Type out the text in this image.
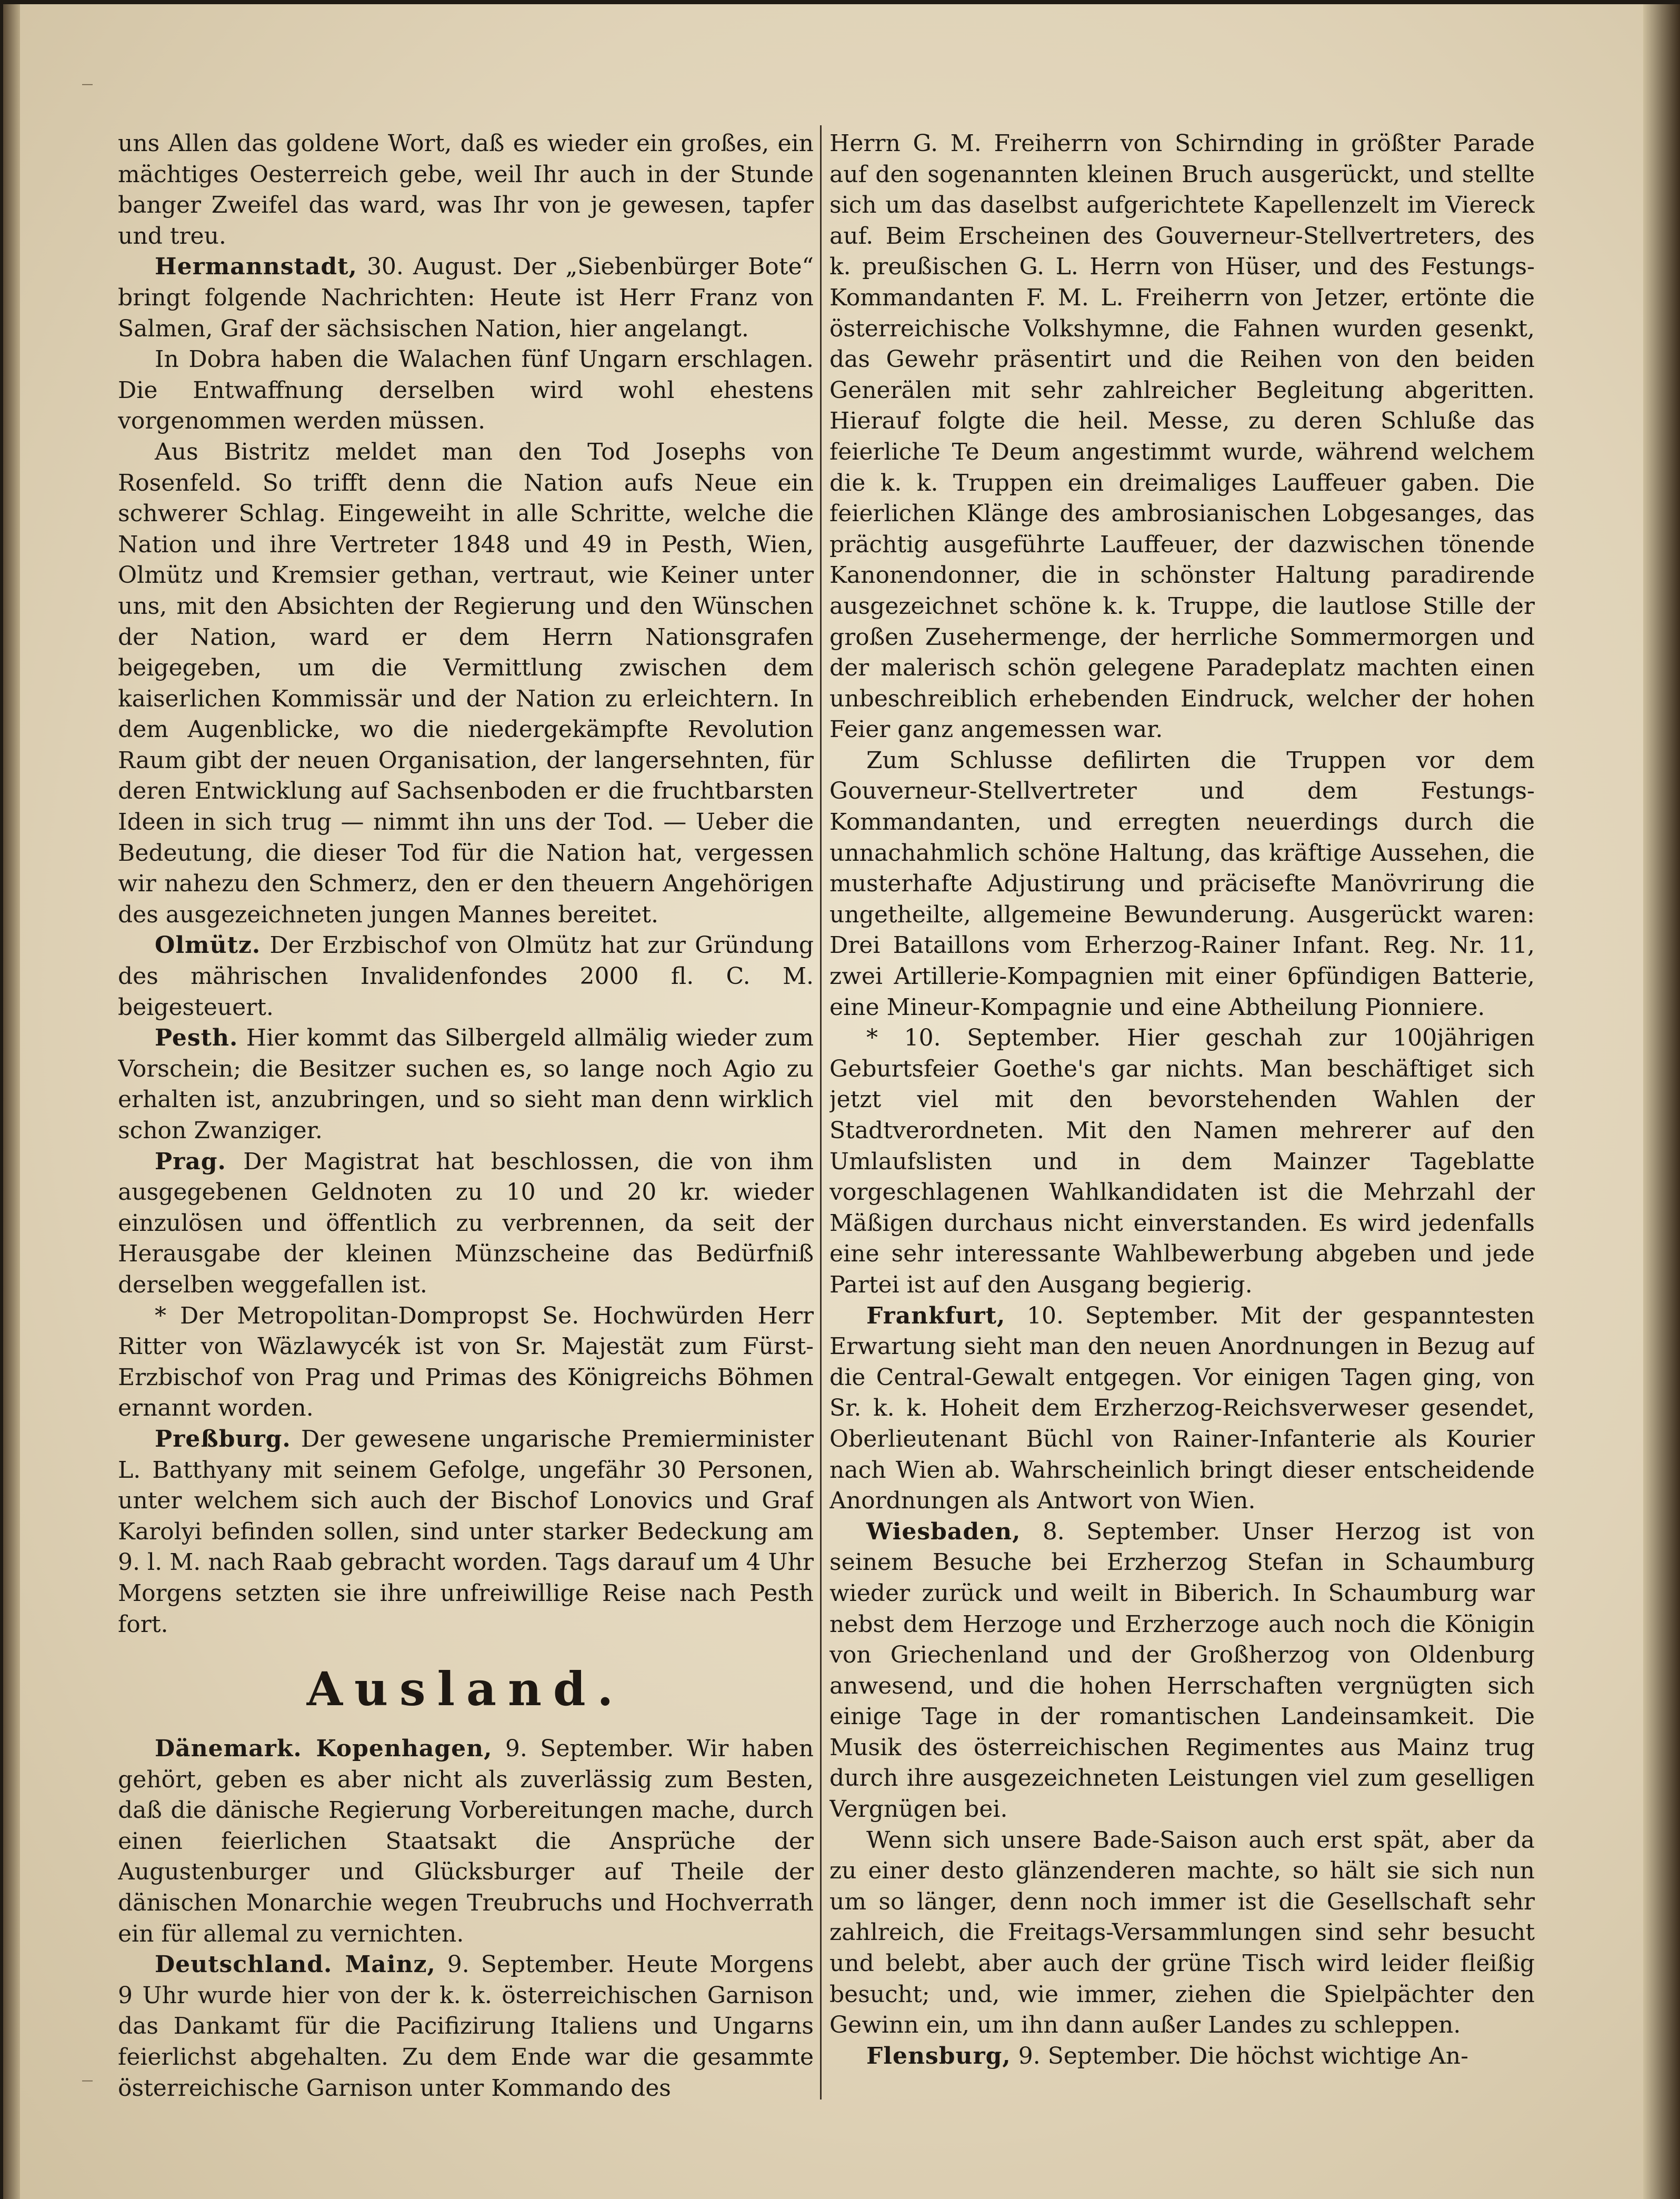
_
_

uns Allen das goldene Wort, daß es wieder ein großes, ein mächtiges Oesterreich gebe, weil Ihr auch in der Stunde banger Zweifel das ward, was Ihr von je gewesen, tapfer und treu.

Hermannstadt, 30. August. Der „Siebenbürger Bote“ bringt folgende Nachrichten: Heute ist Herr Franz von Salmen, Graf der sächsischen Nation, hier angelangt.

In Dobra haben die Walachen fünf Ungarn erschlagen. Die Entwaffnung derselben wird wohl ehestens vorgenommen werden müssen.

Aus Bistritz meldet man den Tod Josephs von Rosenfeld. So trifft denn die Nation aufs Neue ein schwerer Schlag. Eingeweiht in alle Schritte, welche die Nation und ihre Vertreter 1848 und 49 in Pesth, Wien, Olmütz und Kremsier gethan, vertraut, wie Keiner unter uns, mit den Absichten der Regierung und den Wünschen der Nation, ward er dem Herrn Nationsgrafen beigegeben, um die Vermittlung zwischen dem kaiserlichen Kommissär und der Nation zu erleichtern. In dem Augenblicke, wo die niedergekämpfte Revolution Raum gibt der neuen Organisation, der langersehnten, für deren Entwicklung auf Sachsenboden er die fruchtbarsten Ideen in sich trug — nimmt ihn uns der Tod. — Ueber die Bedeutung, die dieser Tod für die Nation hat, vergessen wir nahezu den Schmerz, den er den theuern Angehörigen des ausgezeichneten jungen Mannes bereitet.

Olmütz. Der Erzbischof von Olmütz hat zur Gründung des mährischen Invalidenfondes 2000 fl. C. M. beigesteuert.

Pesth. Hier kommt das Silbergeld allmälig wieder zum Vorschein; die Besitzer suchen es, so lange noch Agio zu erhalten ist, anzubringen, und so sieht man denn wirklich schon Zwanziger.

Prag. Der Magistrat hat beschlossen, die von ihm ausgegebenen Geldnoten zu 10 und 20 kr. wieder einzulösen und öffentlich zu verbrennen, da seit der Herausgabe der kleinen Münzscheine das Bedürfniß derselben weggefallen ist.

* Der Metropolitan-Dompropst Se. Hochwürden Herr Ritter von Wäzlawycék ist von Sr. Majestät zum Fürst-Erzbischof von Prag und Primas des Königreichs Böhmen ernannt worden.

Preßburg. Der gewesene ungarische Premierminister L. Batthyany mit seinem Gefolge, ungefähr 30 Personen, unter welchem sich auch der Bischof Lonovics und Graf Karolyi befinden sollen, sind unter starker Bedeckung am 9. l. M. nach Raab gebracht worden. Tags darauf um 4 Uhr Morgens setzten sie ihre unfreiwillige Reise nach Pesth fort.

Ausland.

Dänemark. Kopenhagen, 9. September. Wir haben gehört, geben es aber nicht als zuverlässig zum Besten, daß die dänische Regierung Vorbereitungen mache, durch einen feierlichen Staatsakt die Ansprüche der Augustenburger und Glücksburger auf Theile der dänischen Monarchie wegen Treubruchs und Hochverrath ein für allemal zu vernichten.

Deutschland. Mainz, 9. September. Heute Morgens 9 Uhr wurde hier von der k. k. österreichischen Garnison das Dankamt für die Pacifizirung Italiens und Ungarns feierlichst abgehalten. Zu dem Ende war die gesammte österreichische Garnison unter Kommando des

Herrn G. M. Freiherrn von Schirnding in größter Parade auf den sogenannten kleinen Bruch ausgerückt, und stellte sich um das daselbst aufgerichtete Kapellenzelt im Viereck auf. Beim Erscheinen des Gouverneur-Stellvertreters, des k. preußischen G. L. Herrn von Hüser, und des Festungs-Kommandanten F. M. L. Freiherrn von Jetzer, ertönte die österreichische Volkshymne, die Fahnen wurden gesenkt, das Gewehr präsentirt und die Reihen von den beiden Generälen mit sehr zahlreicher Begleitung abgeritten. Hierauf folgte die heil. Messe, zu deren Schluße das feierliche Te Deum angestimmt wurde, während welchem die k. k. Truppen ein dreimaliges Lauffeuer gaben. Die feierlichen Klänge des ambrosianischen Lobgesanges, das prächtig ausgeführte Lauffeuer, der dazwischen tönende Kanonendonner, die in schönster Haltung paradirende ausgezeichnet schöne k. k. Truppe, die lautlose Stille der großen Zusehermenge, der herrliche Sommermorgen und der malerisch schön gelegene Paradeplatz machten einen unbeschreiblich erhebenden Eindruck, welcher der hohen Feier ganz angemessen war.

Zum Schlusse defilirten die Truppen vor dem Gouverneur-Stellvertreter und dem Festungs-Kommandanten, und erregten neuerdings durch die unnachahmlich schöne Haltung, das kräftige Aussehen, die musterhafte Adjustirung und präcisefte Manövrirung die ungetheilte, allgemeine Bewunderung. Ausgerückt waren: Drei Bataillons vom Erherzog-Rainer Infant. Reg. Nr. 11, zwei Artillerie-Kompagnien mit einer 6pfündigen Batterie, eine Mineur-Kompagnie und eine Abtheilung Pionniere.

* 10. September. Hier geschah zur 100jährigen Geburtsfeier Goethe's gar nichts. Man beschäftiget sich jetzt viel mit den bevorstehenden Wahlen der Stadtverordneten. Mit den Namen mehrerer auf den Umlaufslisten und in dem Mainzer Tageblatte vorgeschlagenen Wahlkandidaten ist die Mehrzahl der Mäßigen durchaus nicht einverstanden. Es wird jedenfalls eine sehr interessante Wahlbewerbung abgeben und jede Partei ist auf den Ausgang begierig.

Frankfurt, 10. September. Mit der gespanntesten Erwartung sieht man den neuen Anordnungen in Bezug auf die Central-Gewalt entgegen. Vor einigen Tagen ging, von Sr. k. k. Hoheit dem Erzherzog-Reichsverweser gesendet, Oberlieutenant Büchl von Rainer-Infanterie als Kourier nach Wien ab. Wahrscheinlich bringt dieser entscheidende Anordnungen als Antwort von Wien.

Wiesbaden, 8. September. Unser Herzog ist von seinem Besuche bei Erzherzog Stefan in Schaumburg wieder zurück und weilt in Biberich. In Schaumburg war nebst dem Herzoge und Erzherzoge auch noch die Königin von Griechenland und der Großherzog von Oldenburg anwesend, und die hohen Herrschaften vergnügten sich einige Tage in der romantischen Landeinsamkeit. Die Musik des österreichischen Regimentes aus Mainz trug durch ihre ausgezeichneten Leistungen viel zum geselligen Vergnügen bei.

Wenn sich unsere Bade-Saison auch erst spät, aber da zu einer desto glänzenderen machte, so hält sie sich nun um so länger, denn noch immer ist die Gesellschaft sehr zahlreich, die Freitags-Versammlungen sind sehr besucht und belebt, aber auch der grüne Tisch wird leider fleißig besucht; und, wie immer, ziehen die Spielpächter den Gewinn ein, um ihn dann außer Landes zu schleppen.

Flensburg, 9. September. Die höchst wichtige An-
